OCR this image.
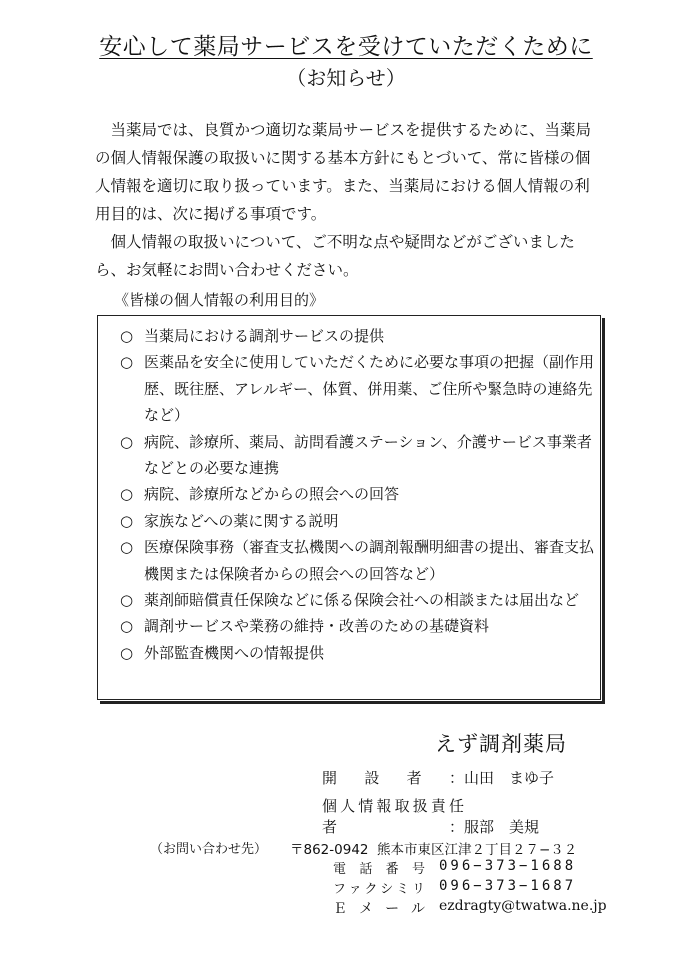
安心して薬局サービスを受けていただくために
（お知らせ）

当薬局では、良質かつ適切な薬局サービスを提供するために、当薬局の個人情報保護の取扱いに関する基本方針にもとづいて、常に皆様の個人情報を適切に取り扱っています。また、当薬局における個人情報の利用目的は、次に掲げる事項です。

個人情報の取扱いについて、ご不明な点や疑問などがございましたら、お気軽にお問い合わせください。

《皆様の個人情報の利用目的》
○ 当薬局における調剤サービスの提供
○ 医薬品を安全に使用していただくために必要な事項の把握（副作用歴、既往歴、アレルギー、体質、併用薬、ご住所や緊急時の連絡先など）
○ 病院、診療所、薬局、訪問看護ステーション、介護サービス事業者などとの必要な連携
○ 病院、診療所などからの照会への回答
○ 家族などへの薬に関する説明
○ 医療保険事務（審査支払機関への調剤報酬明細書の提出、審査支払機関または保険者からの照会への回答など）
○ 薬剤師賠償責任保険などに係る保険会社への相談または届出など
○ 調剤サービスや業務の維持・改善のための基礎資料
○ 外部監査機関への情報提供
えず調剤薬局
開設者：山田　まゆ子
個人情報取扱責任者：服部　美規
（お問い合わせ先） 〒862‐0942 熊本市東区江津２丁目２７−３２
電話番号 096−373−1688
ファクシミリ 096−373−1687
Ｅメール ezdragty@twatwa.ne.jp
